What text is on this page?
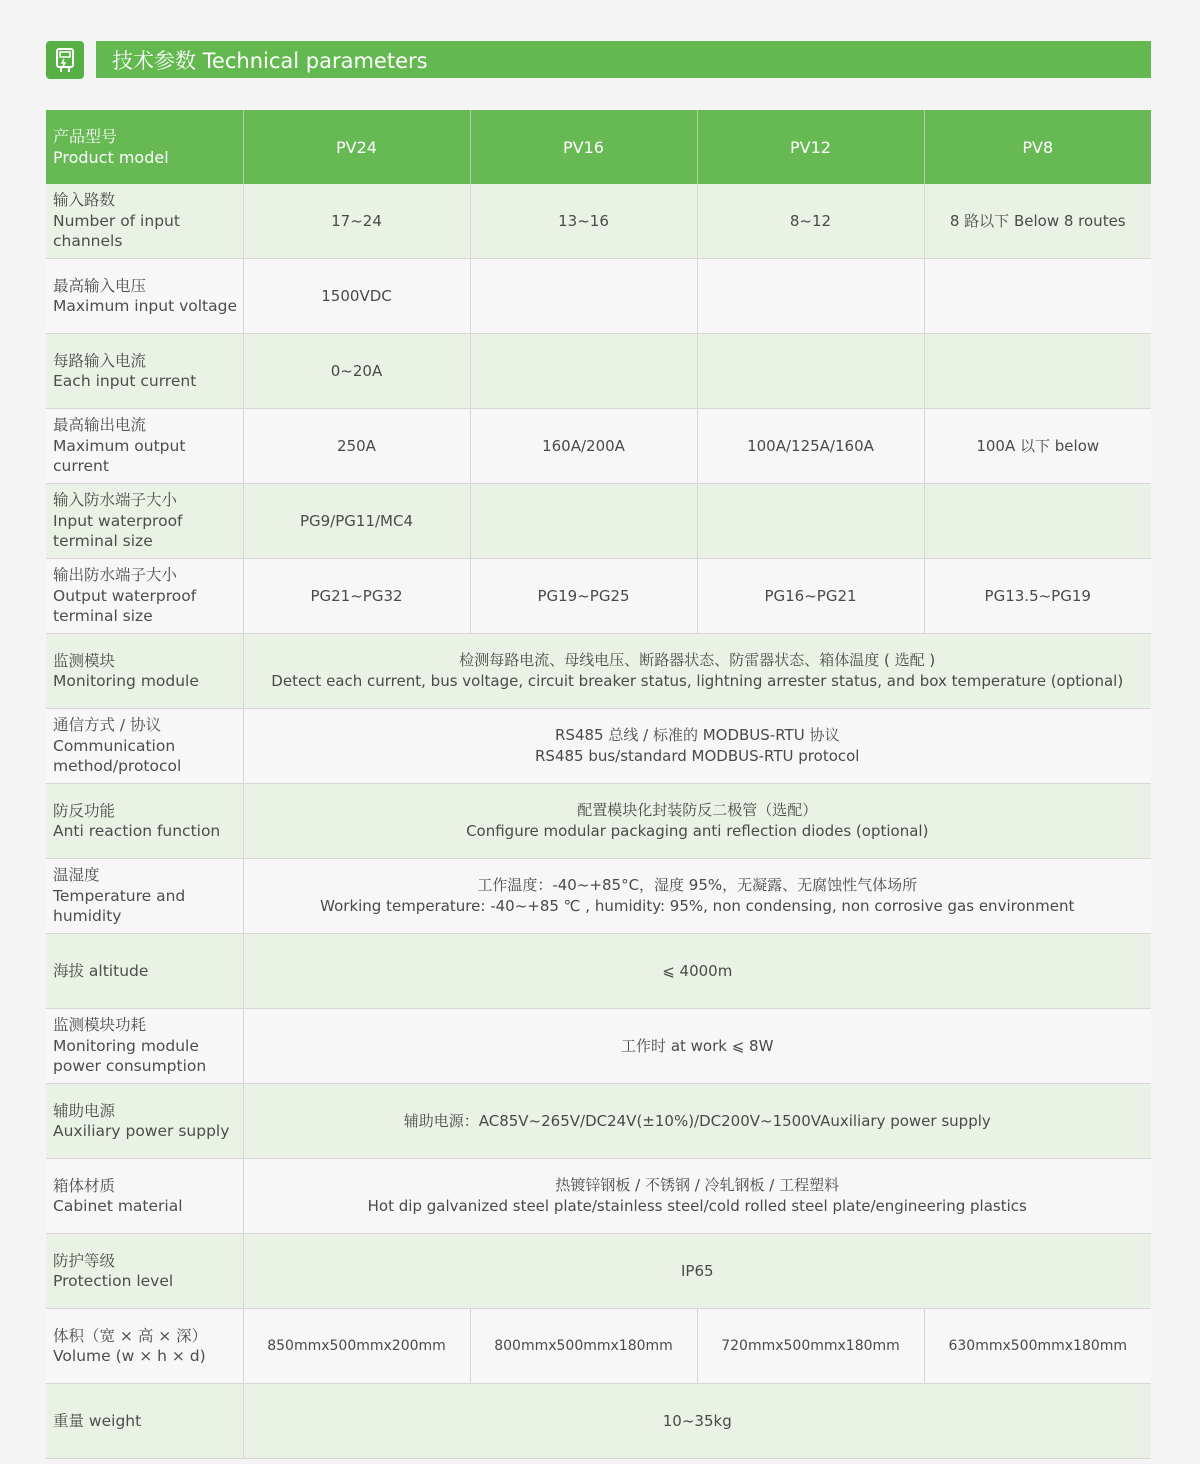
技术参数 Technical parameters
产品型号
Product model	PV24	PV16	PV12	PV8

输入路数
Number of input
channels	17~24	13~16	8~12	8 路以下 Below 8 routes

最高输入电压
Maximum input voltage	1500VDC			

每路输入电流
Each input current	0~20A			

最高输出电流
Maximum output
current	250A	160A/200A	100A/125A/160A	100A 以下 below

输入防水端子大小
Input waterproof
terminal size	PG9/PG11/MC4			

输出防水端子大小
Output waterproof
terminal size	PG21~PG32	PG19~PG25	PG16~PG21	PG13.5~PG19

监测模块
Monitoring module	检测每路电流、母线电压、断路器状态、防雷器状态、箱体温度 ( 选配 )
Detect each current, bus voltage, circuit breaker status, lightning arrester status, and box temperature (optional)			

通信方式 / 协议
Communication
method/protocol	RS485 总线 / 标准的 MODBUS-RTU 协议
RS485 bus/standard MODBUS-RTU protocol			

防反功能
Anti reaction function	配置模块化封装防反二极管（选配）
Configure modular packaging anti reflection diodes (optional)			

温湿度
Temperature and
humidity	工作温度：-40~+85°C，湿度 95%，无凝露、无腐蚀性气体场所
Working temperature: -40~+85 ℃ , humidity: 95%, non condensing, non corrosive gas environment			

海拔 altitude	⩽ 4000m			

监测模块功耗
Monitoring module
power consumption	工作时 at work ⩽ 8W			

辅助电源
Auxiliary power supply	辅助电源：AC85V~265V/DC24V(±10%)/DC200V~1500VAuxiliary power supply			

箱体材质
Cabinet material	热镀锌钢板 / 不锈钢 / 冷轧钢板 / 工程塑料
Hot dip galvanized steel plate/stainless steel/cold rolled steel plate/engineering plastics			

防护等级
Protection level	IP65			

体积（宽 × 高 × 深）
Volume (w × h × d)	850mmx500mmx200mm	800mmx500mmx180mm	720mmx500mmx180mm	630mmx500mmx180mm

重量 weight	10~35kg			
